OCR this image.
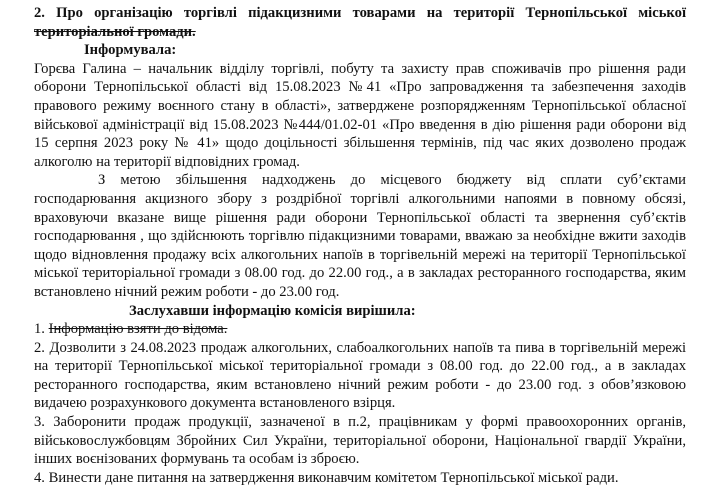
2. Про організацію торгівлі підакцизними товарами на території Тернопільської міської територіальної громади.

Інформувала:

Горєва Галина – начальник відділу торгівлі, побуту та захисту прав споживачів про рішення ради оборони Тернопільської області від 15.08.2023 №41 «Про запровадження та забезпечення заходів правового режиму воєнного стану в області», затверджене розпорядженням Тернопільської обласної військової адміністрації від 15.08.2023 №444/01.02-01 «Про введення в дію рішення ради оборони від 15 серпня 2023 року № 41» щодо доцільності збільшення термінів, під час яких дозволено продаж алкоголю на території відповідних громад.

З метою збільшення надходжень до місцевого бюджету від сплати суб’єктами господарювання акцизного збору з роздрібної торгівлі алкогольними напоями в повному обсязі, враховуючи вказане вище рішення ради оборони Тернопільської області та звернення суб’єктів господарювання , що здійснюють торгівлю підакцизними товарами, вважаю за необхідне вжити заходів щодо відновлення продажу всіх алкогольних напоїв в торгівельній мережі на території Тернопільської міської територіальної громади з 08.00 год. до 22.00 год., а в закладах ресторанного господарства, яким встановлено нічний режим роботи - до 23.00 год.

Заслухавши інформацію комісія вирішила:

1. Інформацію взяти до відома.

2. Дозволити з 24.08.2023 продаж алкогольних, слабоалкогольних напоїв та пива в торгівельній мережі на території Тернопільської міської територіальної громади з 08.00 год. до 22.00 год., а в закладах ресторанного господарства, яким встановлено нічний режим роботи - до 23.00 год. з обов’язковою видачею розрахункового документа встановленого взірця.

3. Заборонити продаж продукції, зазначеної в п.2, працівникам у формі правоохоронних органів, військовослужбовцям Збройних Сил України, територіальної оборони, Національної гвардії України, інших воєнізованих формувань та особам із зброєю.

4. Винести дане питання на затвердження виконавчим комітетом Тернопільської міської ради.
